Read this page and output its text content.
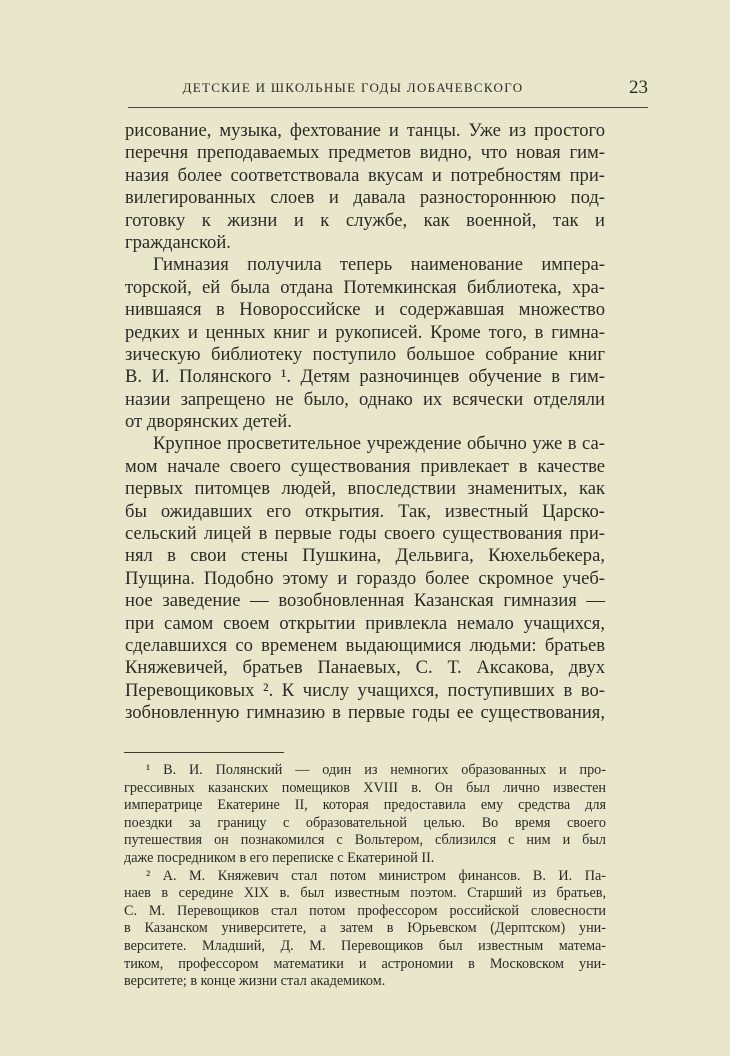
ДЕТСКИЕ И ШКОЛЬНЫЕ ГОДЫ ЛОБАЧЕВСКОГО	23
рисование, музыка, фехтование и танцы. Уже из простого
перечня преподаваемых предметов видно, что новая гим-
назия более соответствовала вкусам и потребностям при-
вилегированных слоев и давала разностороннюю под-
готовку к жизни и к службе, как военной, так и
гражданской.
Гимназия получила теперь наименование импера-
торской, ей была отдана Потемкинская библиотека, хра-
нившаяся в Новороссийске и содержавшая множество
редких и ценных книг и рукописей. Кроме того, в гимна-
зическую библиотеку поступило большое собрание книг
В. И. Полянского ¹. Детям разночинцев обучение в гим-
назии запрещено не было, однако их всячески отделяли
от дворянских детей.
Крупное просветительное учреждение обычно уже в са-
мом начале своего существования привлекает в качестве
первых питомцев людей, впоследствии знаменитых, как
бы ожидавших его открытия. Так, известный Царско-
сельский лицей в первые годы своего существования при-
нял в свои стены Пушкина, Дельвига, Кюхельбекера,
Пущина. Подобно этому и гораздо более скромное учеб-
ное заведение — возобновленная Казанская гимназия —
при самом своем открытии привлекла немало учащихся,
сделавшихся со временем выдающимися людьми: братьев
Княжевичей, братьев Панаевых, С. Т. Аксакова, двух
Перевощиковых ². К числу учащихся, поступивших в во-
зобновленную гимназию в первые годы ее существования,
¹ В. И. Полянский — один из немногих образованных и про-
грессивных казанских помещиков XVIII в. Он был лично известен
императрице Екатерине II, которая предоставила ему средства для
поездки за границу с образовательной целью. Во время своего
путешествия он познакомился с Вольтером, сблизился с ним и был
даже посредником в его переписке с Екатериной II.
² А. М. Княжевич стал потом министром финансов. В. И. Па-
наев в середине XIX в. был известным поэтом. Старший из братьев,
С. М. Перевощиков стал потом профессором российской словесности
в Казанском университете, а затем в Юрьевском (Дерптском) уни-
верситете. Младший, Д. М. Перевощиков был известным матема-
тиком, профессором математики и астрономии в Московском уни-
верситете; в конце жизни стал академиком.
